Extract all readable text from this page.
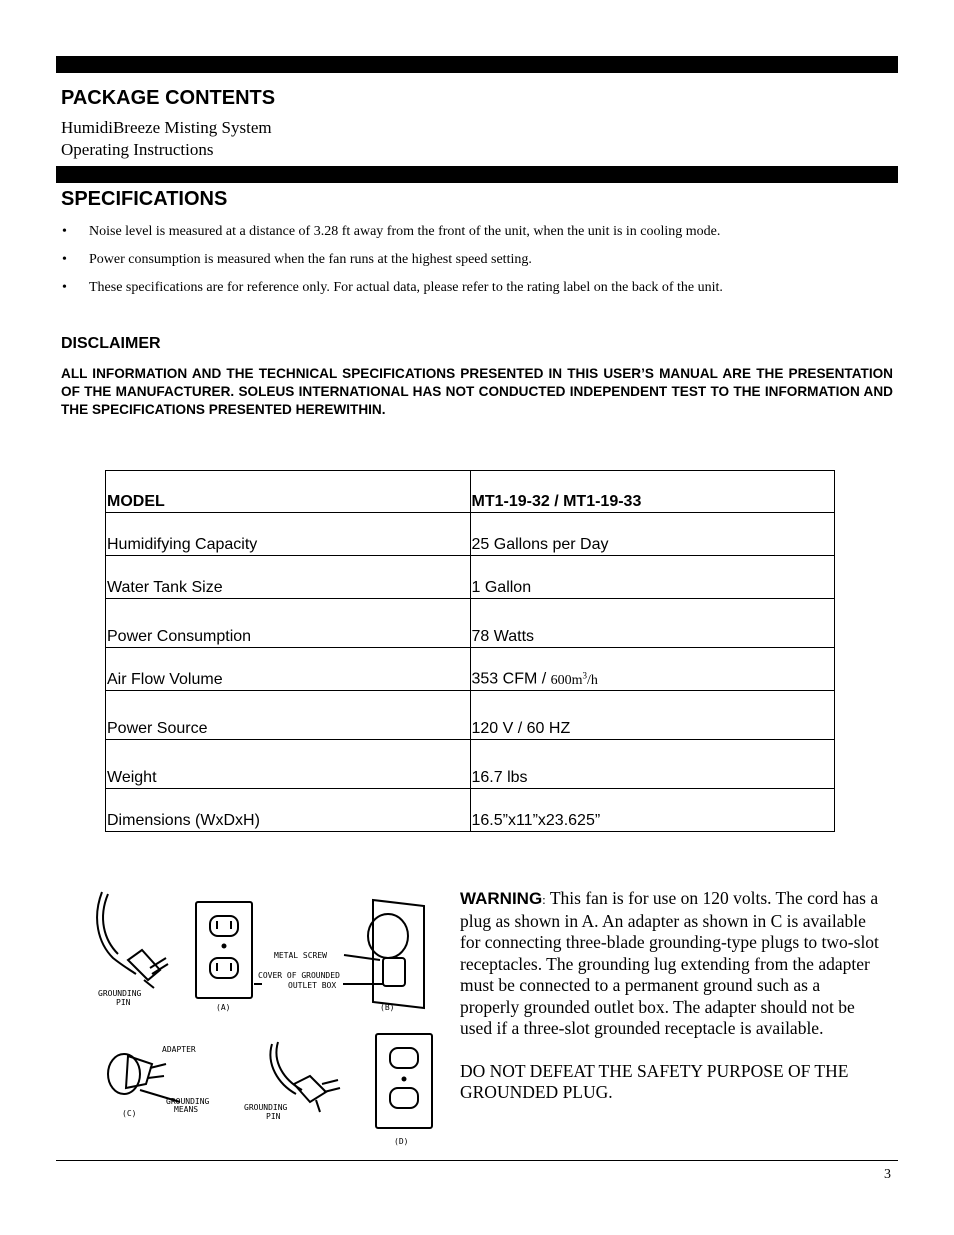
PACKAGE CONTENTS
HumidiBreeze Misting System
Operating Instructions
SPECIFICATIONS
• Noise level is measured at a distance of 3.28 ft away from the front of the unit, when the unit is in cooling mode.
• Power consumption is measured when the fan runs at the highest speed setting.
• These specifications are for reference only. For actual data, please refer to the rating label on the back of the unit.
DISCLAIMER
ALL INFORMATION AND THE TECHNICAL SPECIFICATIONS PRESENTED IN THIS USER’S MANUAL ARE THE PRESENTATION OF THE MANUFACTURER. SOLEUS INTERNATIONAL HAS NOT CONDUCTED INDEPENDENT TEST TO THE INFORMATION AND THE SPECIFICATIONS PRESENTED HEREWITHIN.
MODEL	MT1-19-32 / MT1-19-33
Humidifying Capacity	25 Gallons per Day
Water Tank Size	1 Gallon
Power Consumption	78 Watts
Air Flow Volume	353 CFM / $600m^3/h$
Power Source	120 V / 60 HZ
Weight	16.7 lbs
Dimensions (WxDxH)	16.5”x11”x23.625”
GROUNDING
PIN
(A)
METAL SCREW
COVER OF GROUNDED
OUTLET BOX
(B)
ADAPTER
GROUNDING
MEANS
(C)
GROUNDING
PIN
(D)
WARNING: This fan is for use on 120 volts. The cord has a plug as shown in A. An adapter as shown in C is available for connecting three-blade grounding-type plugs to two-slot receptacles. The grounding lug extending from the adapter must be connected to a permanent ground such as a properly grounded outlet box. The adapter should not be used if a three-slot grounded receptacle is available.
DO NOT DEFEAT THE SAFETY PURPOSE OF THE GROUNDED PLUG.
3
